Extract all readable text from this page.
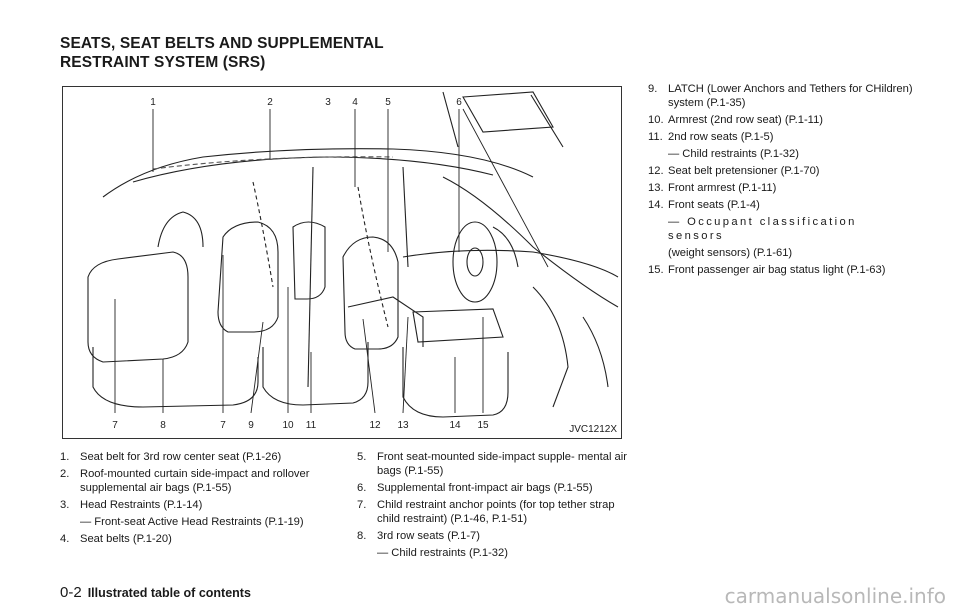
SEATS, SEAT BELTS AND SUPPLEMENTAL
RESTRAINT SYSTEM (SRS)
1	2	3 4	5	6
7	8	7 9	10 11	12 13	14 15	JVC1212X
1. Seat belt for 3rd row center seat (P.1-26)
2. Roof-mounted curtain side-impact and rollover supplemental air bags (P.1-55)
3. Head Restraints (P.1-14)
— Front-seat Active Head Restraints (P.1-19)
4. Seat belts (P.1-20)
5. Front seat-mounted side-impact supple- mental air bags (P.1-55)
6. Supplemental front-impact air bags (P.1-55)
7. Child restraint anchor points (for top tether strap child restraint) (P.1-46, P.1-51)
8. 3rd row seats (P.1-7)
— Child restraints (P.1-32)
9. LATCH (Lower Anchors and Tethers for CHildren) system (P.1-35)
10. Armrest (2nd row seat) (P.1-11)
11. 2nd row seats (P.1-5)
— Child restraints (P.1-32)
12. Seat belt pretensioner (P.1-70)
13. Front armrest (P.1-11)
14. Front seats (P.1-4)
— Occupant classification sensors
(weight sensors) (P.1-61)
15. Front passenger air bag status light (P.1-63)
0-2 Illustrated table of contents	carmanualsonline.info
